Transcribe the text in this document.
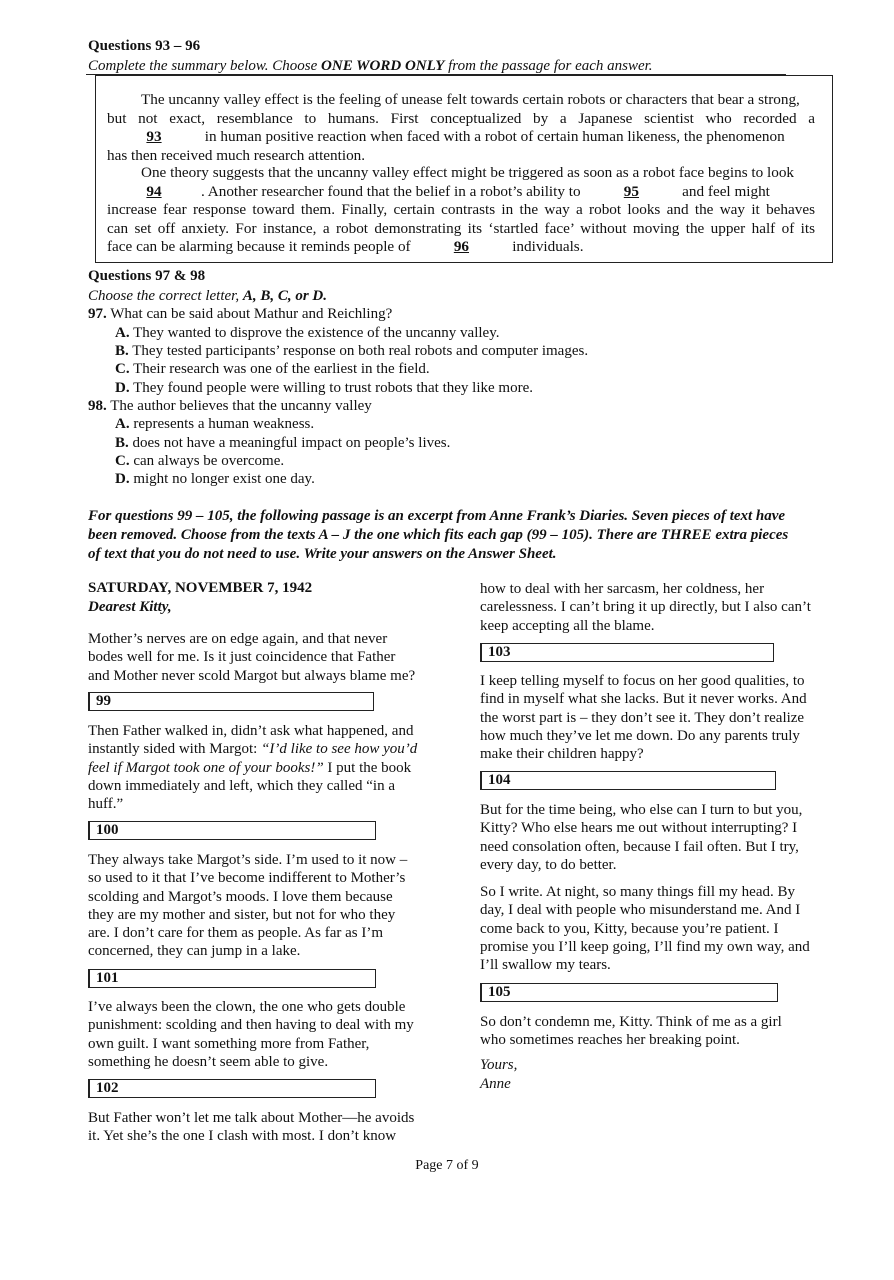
Questions 93 – 96
Complete the summary below. Choose ONE WORD ONLY from the passage for each answer.
The uncanny valley effect is the feeling of unease felt towards certain robots or characters that bear a strong,
but not exact, resemblance to humans. First conceptualized by a Japanese scientist who recorded a
93	in human positive reaction when faced with a robot of certain human likeness, the phenomenon
has then received much research attention.
One theory suggests that the uncanny valley effect might be triggered as soon as a robot face begins to look
94	. Another researcher found that the belief in a robot’s ability to	95	and feel might
increase fear response toward them. Finally, certain contrasts in the way a robot looks and the way it behaves
can set off anxiety. For instance, a robot demonstrating its ‘startled face’ without moving the upper half of its
face can be alarming because it reminds people of	96	individuals.
Questions 97 & 98
Choose the correct letter, A, B, C, or D.
97. What can be said about Mathur and Reichling?
A. They wanted to disprove the existence of the uncanny valley.
B. They tested participants’ response on both real robots and computer images.
C. Their research was one of the earliest in the field.
D. They found people were willing to trust robots that they like more.
98. The author believes that the uncanny valley
A. represents a human weakness.
B. does not have a meaningful impact on people’s lives.
C. can always be overcome.
D. might no longer exist one day.
For questions 99 – 105, the following passage is an excerpt from Anne Frank’s Diaries. Seven pieces of text have
been removed. Choose from the texts A – J the one which fits each gap (99 – 105). There are THREE extra pieces
of text that you do not need to use. Write your answers on the Answer Sheet.
SATURDAY, NOVEMBER 7, 1942
Dearest Kitty,
Mother’s nerves are on edge again, and that never
bodes well for me. Is it just coincidence that Father
and Mother never scold Margot but always blame me?
99
Then Father walked in, didn’t ask what happened, and
instantly sided with Margot: “I’d like to see how you’d
feel if Margot took one of your books!” I put the book
down immediately and left, which they called “in a
huff.”
100
They always take Margot’s side. I’m used to it now –
so used to it that I’ve become indifferent to Mother’s
scolding and Margot’s moods. I love them because
they are my mother and sister, but not for who they
are. I don’t care for them as people. As far as I’m
concerned, they can jump in a lake.
101
I’ve always been the clown, the one who gets double
punishment: scolding and then having to deal with my
own guilt. I want something more from Father,
something he doesn’t seem able to give.
102
But Father won’t let me talk about Mother—he avoids
it. Yet she’s the one I clash with most. I don’t know
how to deal with her sarcasm, her coldness, her
carelessness. I can’t bring it up directly, but I also can’t
keep accepting all the blame.
103
I keep telling myself to focus on her good qualities, to
find in myself what she lacks. But it never works. And
the worst part is – they don’t see it. They don’t realize
how much they’ve let me down. Do any parents truly
make their children happy?
104
But for the time being, who else can I turn to but you,
Kitty? Who else hears me out without interrupting? I
need consolation often, because I fail often. But I try,
every day, to do better.
So I write. At night, so many things fill my head. By
day, I deal with people who misunderstand me. And I
come back to you, Kitty, because you’re patient. I
promise you I’ll keep going, I’ll find my own way, and
I’ll swallow my tears.
105
So don’t condemn me, Kitty. Think of me as a girl
who sometimes reaches her breaking point.
Yours,
Anne
Page 7 of 9
